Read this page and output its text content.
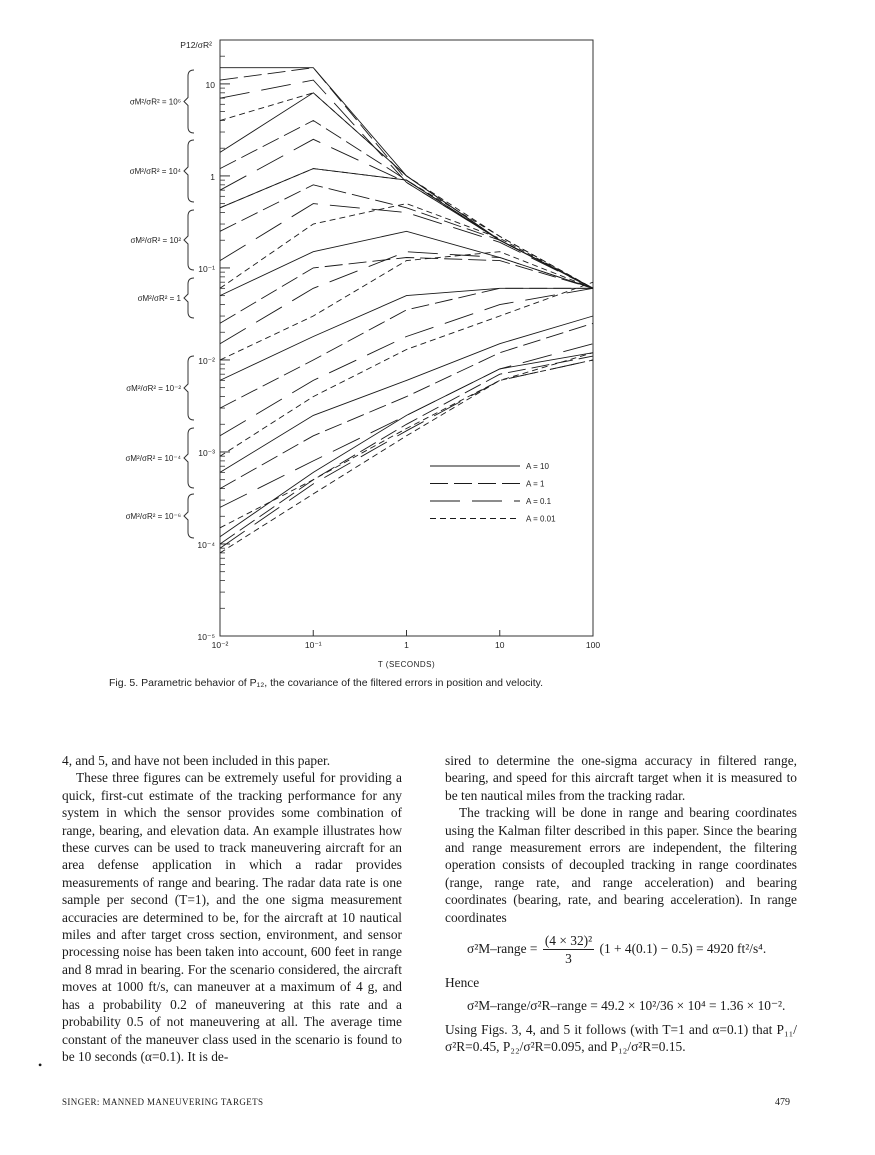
10
1
10⁻¹
10⁻²
10⁻³
10⁻⁴
10⁻⁵
10⁻²	10⁻¹	1	10	100
P12/σR²
T (SECONDS)
σM²/σR² = 10⁶
σM²/σR² = 10⁴
σM²/σR² = 10²
σM²/σR² = 1
σM²/σR² = 10⁻²
σM²/σR² = 10⁻⁴
σM²/σR² = 10⁻⁶
A = 10
A = 1
A = 0.1
A = 0.01
Fig. 5. Parametric behavior of P₁₂, the covariance of the filtered errors in position and velocity.

4, and 5, and have not been included in this paper.

These three figures can be extremely useful for providing a quick, first-cut estimate of the tracking performance for any system in which the sensor provides some combination of range, bearing, and elevation data. An example illustrates how these curves can be used to track maneuvering aircraft for an area defense application in which a radar provides measurements of range and bearing. The radar data rate is one sample per second (T=1), and the one sigma measurement accuracies are determined to be, for the aircraft at 10 nautical miles and after target cross section, environment, and sensor processing noise has been taken into account, 600 feet in range and 8 mrad in bearing. For the scenario considered, the aircraft moves at 1000 ft/s, can maneuver at a maximum of 4 g, and has a probability 0.2 of maneuvering at this rate and a probability 0.5 of not maneuvering at all. The average time constant of the maneuver class used in the scenario is found to be 10 seconds (α=0.1). It is de-

sired to determine the one-sigma accuracy in filtered range, bearing, and speed for this aircraft target when it is measured to be ten nautical miles from the tracking radar.

The tracking will be done in range and bearing coordinates using the Kalman filter described in this paper. Since the bearing and range measurement errors are independent, the filtering operation consists of decoupled tracking in range coordinates (range, range rate, and range acceleration) and bearing coordinates (bearing, rate, and bearing acceleration). In range coordinates

σ²M–range = $\frac{\text{(4 × 32)²}}{3} (1 + 4(0.1) - 0.5) = 4920$ ft²/s⁴.

Hence

σ²M–range/σ²R–range = 49.2 × 10²/36 × 10⁴ = 1.36 × 10⁻².

Using Figs. 3, 4, and 5 it follows (with T=1 and α=0.1) that P₁₁/σ²R=0.45, P₂₂/σ²R=0.095, and P₁₂/σ²R=0.15.

•
SINGER: MANNED MANEUVERING TARGETS	479
